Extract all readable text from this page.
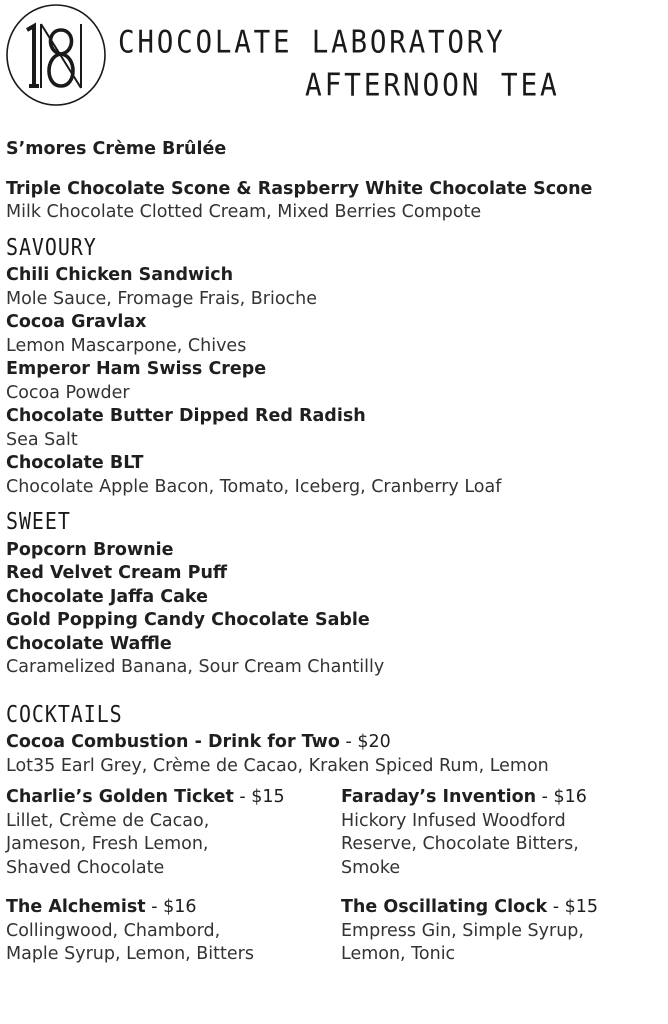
CHOCOLATE LABORATORY
AFTERNOON TEA
S’mores Crème Brûlée
Triple Chocolate Scone & Raspberry White Chocolate Scone
Milk Chocolate Clotted Cream, Mixed Berries Compote
SAVOURY
Chili Chicken Sandwich
Mole Sauce, Fromage Frais, Brioche
Cocoa Gravlax
Lemon Mascarpone, Chives
Emperor Ham Swiss Crepe
Cocoa Powder
Chocolate Butter Dipped Red Radish
Sea Salt
Chocolate BLT
Chocolate Apple Bacon, Tomato, Iceberg, Cranberry Loaf
SWEET
Popcorn Brownie
Red Velvet Cream Puff
Chocolate Jaffa Cake
Gold Popping Candy Chocolate Sable
Chocolate Waffle
Caramelized Banana, Sour Cream Chantilly
COCKTAILS
Cocoa Combustion - Drink for Two - $20
Lot35 Earl Grey, Crème de Cacao, Kraken Spiced Rum, Lemon
Charlie’s Golden Ticket - $15
Lillet, Crème de Cacao,
Jameson, Fresh Lemon,
Shaved Chocolate
Faraday’s Invention - $16
Hickory Infused Woodford
Reserve, Chocolate Bitters,
Smoke
The Alchemist - $16
Collingwood, Chambord,
Maple Syrup, Lemon, Bitters
The Oscillating Clock - $15
Empress Gin, Simple Syrup,
Lemon, Tonic
